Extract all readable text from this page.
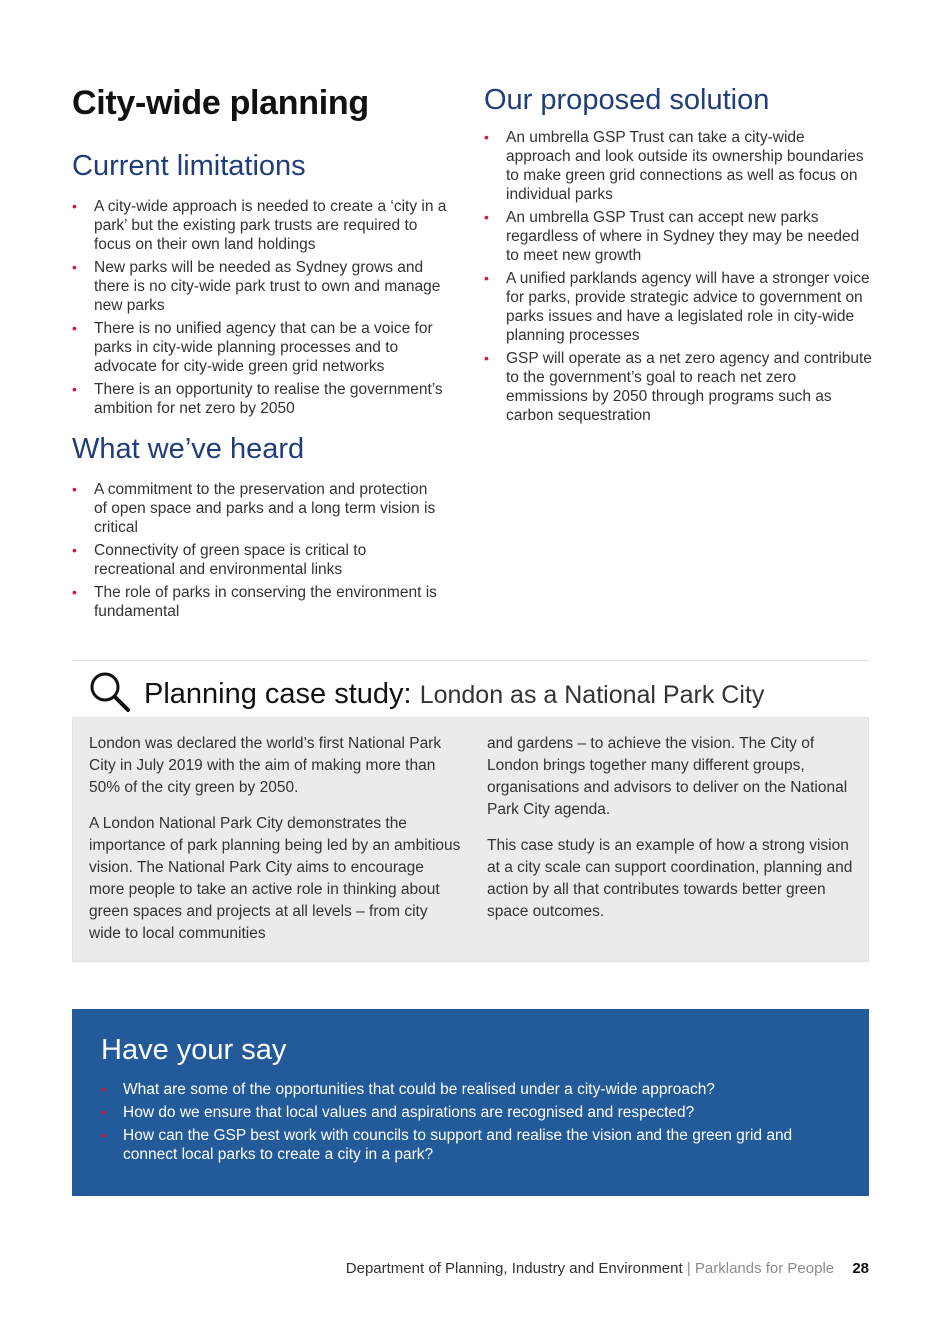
City-wide planning
Current limitations
• A city-wide approach is needed to create a ‘city in a park’ but the existing park trusts are required to focus on their own land holdings
• New parks will be needed as Sydney grows and there is no city-wide park trust to own and manage new parks
• There is no unified agency that can be a voice for parks in city-wide planning processes and to advocate for city-wide green grid networks
• There is an opportunity to realise the government’s ambition for net zero by 2050
What we’ve heard
• A commitment to the preservation and protection of open space and parks and a long term vision is critical
• Connectivity of green space is critical to recreational and environmental links
• The role of parks in conserving the environment is fundamental
Our proposed solution
• An umbrella GSP Trust can take a city-wide approach and look outside its ownership boundaries to make green grid connections as well as focus on individual parks
• An umbrella GSP Trust can accept new parks regardless of where in Sydney they may be needed to meet new growth
• A unified parklands agency will have a stronger voice for parks, provide strategic advice to government on parks issues and have a legislated role in city-wide planning processes
• GSP will operate as a net zero agency and contribute to the government’s goal to reach net zero emmissions by 2050 through programs such as carbon sequestration
Planning case study: London as a National Park City

London was declared the world’s first National Park City in July 2019 with the aim of making more than 50% of the city green by 2050.

A London National Park City demonstrates the importance of park planning being led by an ambitious vision. The National Park City aims to encourage more people to take an active role in thinking about green spaces and projects at all levels – from city wide to local communities

and gardens – to achieve the vision. The City of London brings together many different groups, organisations and advisors to deliver on the National Park City agenda.

This case study is an example of how a strong vision at a city scale can support coordination, planning and action by all that contributes towards better green space outcomes.

Have your say
• What are some of the opportunities that could be realised under a city-wide approach?
• How do we ensure that local values and aspirations are recognised and respected?
• How can the GSP best work with councils to support and realise the vision and the green grid and connect local parks to create a city in a park?
Department of Planning, Industry and Environment | Parklands for People 28
